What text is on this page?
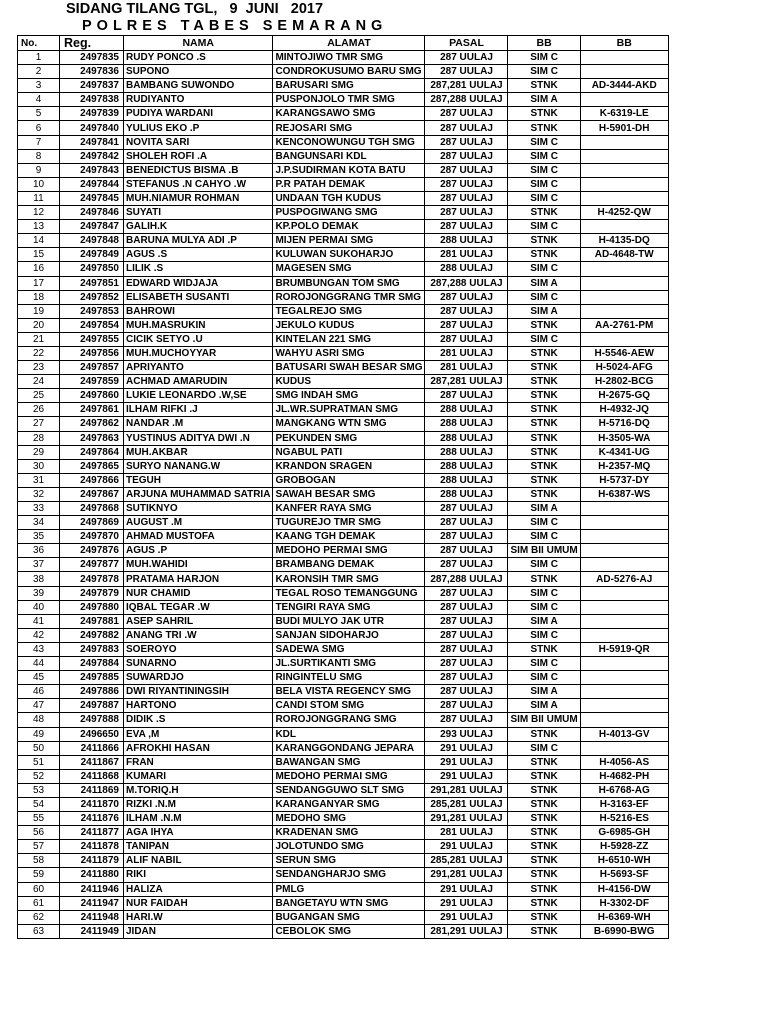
SIDANG TILANG TGL,   9  JUNI   2017
POLRES TABES SEMARANG
No.	Reg.	NAMA	ALAMAT	PASAL	BB	BB
1	2497835	RUDY PONCO .S	MINTOJIWO TMR SMG	287 UULAJ	SIM C	
2	2497836	SUPONO	CONDROKUSUMO BARU SMG	287 UULAJ	SIM C	
3	2497837	BAMBANG SUWONDO	BARUSARI SMG	287,281 UULAJ	STNK	AD-3444-AKD
4	2497838	RUDIYANTO	PUSPONJOLO TMR SMG	287,288 UULAJ	SIM A	
5	2497839	PUDIYA WARDANI	KARANGSAWO SMG	287 UULAJ	STNK	K-6319-LE
6	2497840	YULIUS EKO .P	REJOSARI SMG	287 UULAJ	STNK	H-5901-DH
7	2497841	NOVITA SARI	KENCONOWUNGU TGH SMG	287 UULAJ	SIM C	
8	2497842	SHOLEH ROFI .A	BANGUNSARI KDL	287 UULAJ	SIM C	
9	2497843	BENEDICTUS BISMA .B	J.P.SUDIRMAN KOTA BATU	287 UULAJ	SIM C	
10	2497844	STEFANUS .N CAHYO .W	P.R PATAH DEMAK	287 UULAJ	SIM C	
11	2497845	MUH.NIAMUR ROHMAN	UNDAAN TGH KUDUS	287 UULAJ	SIM C	
12	2497846	SUYATI	PUSPOGIWANG SMG	287 UULAJ	STNK	H-4252-QW
13	2497847	GALIH.K	KP.POLO DEMAK	287 UULAJ	SIM C	
14	2497848	BARUNA MULYA ADI .P	MIJEN PERMAI SMG	288 UULAJ	STNK	H-4135-DQ
15	2497849	AGUS .S	KULUWAN SUKOHARJO	281 UULAJ	STNK	AD-4648-TW
16	2497850	LILIK .S	MAGESEN SMG	288 UULAJ	SIM C	
17	2497851	EDWARD WIDJAJA	BRUMBUNGAN TOM SMG	287,288 UULAJ	SIM A	
18	2497852	ELISABETH SUSANTI	ROROJONGGRANG TMR SMG	287 UULAJ	SIM C	
19	2497853	BAHROWI	TEGALREJO SMG	287 UULAJ	SIM A	
20	2497854	MUH.MASRUKIN	JEKULO KUDUS	287 UULAJ	STNK	AA-2761-PM
21	2497855	CICIK SETYO .U	KINTELAN 221 SMG	287 UULAJ	SIM C	
22	2497856	MUH.MUCHOYYAR	WAHYU ASRI SMG	281 UULAJ	STNK	H-5546-AEW
23	2497857	APRIYANTO	BATUSARI SWAH BESAR SMG	281 UULAJ	STNK	H-5024-AFG
24	2497859	ACHMAD AMARUDIN	KUDUS	287,281 UULAJ	STNK	H-2802-BCG
25	2497860	LUKIE LEONARDO .W,SE	SMG INDAH SMG	287 UULAJ	STNK	H-2675-GQ
26	2497861	ILHAM RIFKI .J	JL.WR.SUPRATMAN SMG	288 UULAJ	STNK	H-4932-JQ
27	2497862	NANDAR .M	MANGKANG WTN SMG	288 UULAJ	STNK	H-5716-DQ
28	2497863	YUSTINUS ADITYA DWI .N	PEKUNDEN SMG	288 UULAJ	STNK	H-3505-WA
29	2497864	MUH.AKBAR	NGABUL PATI	288 UULAJ	STNK	K-4341-UG
30	2497865	SURYO NANANG.W	KRANDON SRAGEN	288 UULAJ	STNK	H-2357-MQ
31	2497866	TEGUH	GROBOGAN	288 UULAJ	STNK	H-5737-DY
32	2497867	ARJUNA MUHAMMAD SATRIA	SAWAH BESAR SMG	288 UULAJ	STNK	H-6387-WS
33	2497868	SUTIKNYO	KANFER RAYA SMG	287 UULAJ	SIM A	
34	2497869	AUGUST .M	TUGUREJO TMR SMG	287 UULAJ	SIM C	
35	2497870	AHMAD MUSTOFA	KAANG TGH DEMAK	287 UULAJ	SIM C	
36	2497876	AGUS .P	MEDOHO PERMAI SMG	287 UULAJ	SIM BII UMUM	
37	2497877	MUH.WAHIDI	BRAMBANG DEMAK	287 UULAJ	SIM C	
38	2497878	PRATAMA HARJON	KARONSIH TMR SMG	287,288 UULAJ	STNK	AD-5276-AJ
39	2497879	NUR CHAMID	TEGAL ROSO TEMANGGUNG	287 UULAJ	SIM C	
40	2497880	IQBAL TEGAR .W	TENGIRI RAYA SMG	287 UULAJ	SIM C	
41	2497881	ASEP SAHRIL	BUDI MULYO JAK UTR	287 UULAJ	SIM A	
42	2497882	ANANG TRI .W	SANJAN SIDOHARJO	287 UULAJ	SIM C	
43	2497883	SOEROYO	SADEWA SMG	287 UULAJ	STNK	H-5919-QR
44	2497884	SUNARNO	JL.SURTIKANTI SMG	287 UULAJ	SIM C	
45	2497885	SUWARDJO	RINGINTELU SMG	287 UULAJ	SIM C	
46	2497886	DWI RIYANTININGSIH	BELA VISTA REGENCY SMG	287 UULAJ	SIM A	
47	2497887	HARTONO	CANDI STOM SMG	287 UULAJ	SIM A	
48	2497888	DIDIK .S	ROROJONGGRANG SMG	287 UULAJ	SIM BII UMUM	
49	2496650	EVA ,M	KDL	293 UULAJ	STNK	H-4013-GV
50	2411866	AFROKHI HASAN	KARANGGONDANG JEPARA	291 UULAJ	SIM C	
51	2411867	FRAN	BAWANGAN SMG	291 UULAJ	STNK	H-4056-AS
52	2411868	KUMARI	MEDOHO PERMAI SMG	291 UULAJ	STNK	H-4682-PH
53	2411869	M.TORIQ.H	SENDANGGUWO SLT SMG	291,281 UULAJ	STNK	H-6768-AG
54	2411870	RIZKI .N.M	KARANGANYAR SMG	285,281 UULAJ	STNK	H-3163-EF
55	2411876	ILHAM .N.M	MEDOHO SMG	291,281 UULAJ	STNK	H-5216-ES
56	2411877	AGA IHYA	KRADENAN SMG	281 UULAJ	STNK	G-6985-GH
57	2411878	TANIPAN	JOLOTUNDO SMG	291 UULAJ	STNK	H-5928-ZZ
58	2411879	ALIF NABIL	SERUN SMG	285,281 UULAJ	STNK	H-6510-WH
59	2411880	RIKI	SENDANGHARJO SMG	291,281 UULAJ	STNK	H-5693-SF
60	2411946	HALIZA	PMLG	291 UULAJ	STNK	H-4156-DW
61	2411947	NUR FAIDAH	BANGETAYU WTN SMG	291 UULAJ	STNK	H-3302-DF
62	2411948	HARI.W	BUGANGAN SMG	291 UULAJ	STNK	H-6369-WH
63	2411949	JIDAN	CEBOLOK SMG	281,291 UULAJ	STNK	B-6990-BWG
